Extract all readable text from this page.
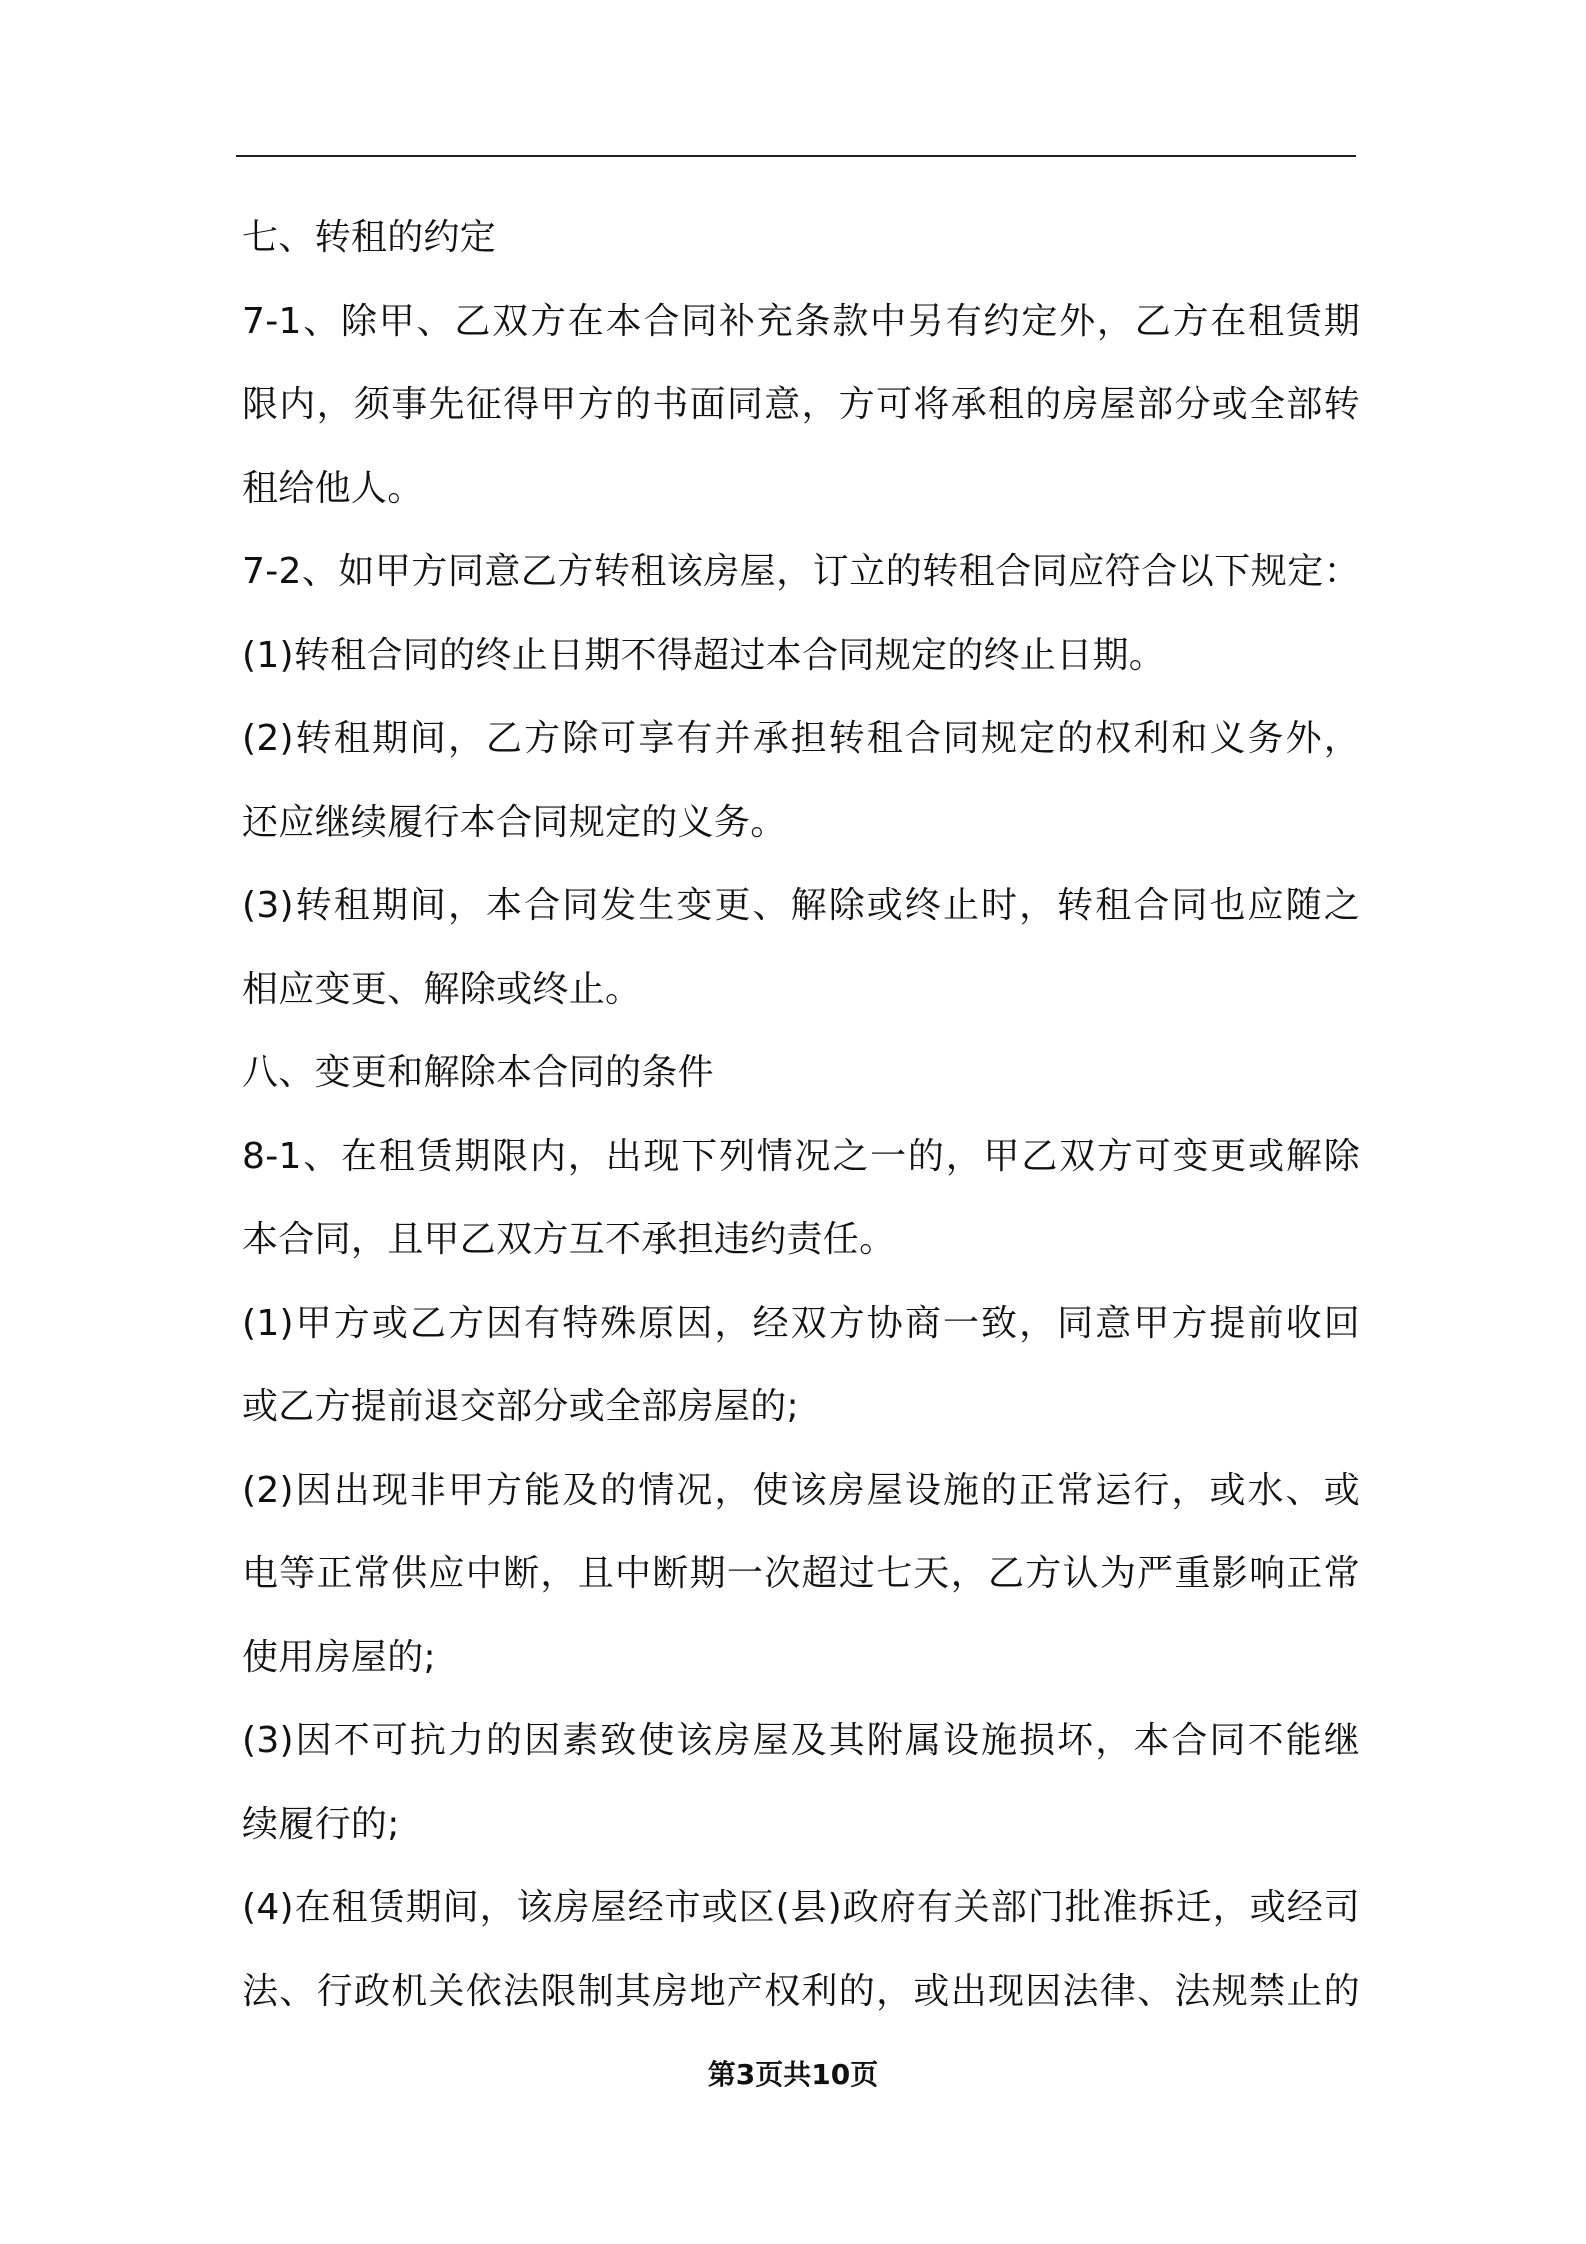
七、转租的约定
7-1、除甲、乙双方在本合同补充条款中另有约定外，乙方在租赁期
限内，须事先征得甲方的书面同意，方可将承租的房屋部分或全部转
租给他人。
7-2、如甲方同意乙方转租该房屋，订立的转租合同应符合以下规定：
(1)转租合同的终止日期不得超过本合同规定的终止日期。
(2)转租期间，乙方除可享有并承担转租合同规定的权利和义务外，
还应继续履行本合同规定的义务。
(3)转租期间，本合同发生变更、解除或终止时，转租合同也应随之
相应变更、解除或终止。
八、变更和解除本合同的条件
8-1、在租赁期限内，出现下列情况之一的，甲乙双方可变更或解除
本合同，且甲乙双方互不承担违约责任。
(1)甲方或乙方因有特殊原因，经双方协商一致，同意甲方提前收回
或乙方提前退交部分或全部房屋的;
(2)因出现非甲方能及的情况，使该房屋设施的正常运行，或水、或
电等正常供应中断，且中断期一次超过七天，乙方认为严重影响正常
使用房屋的;
(3)因不可抗力的因素致使该房屋及其附属设施损坏，本合同不能继
续履行的;
(4)在租赁期间，该房屋经市或区(县)政府有关部门批准拆迁，或经司
法、行政机关依法限制其房地产权利的，或出现因法律、法规禁止的
第3页共10页
